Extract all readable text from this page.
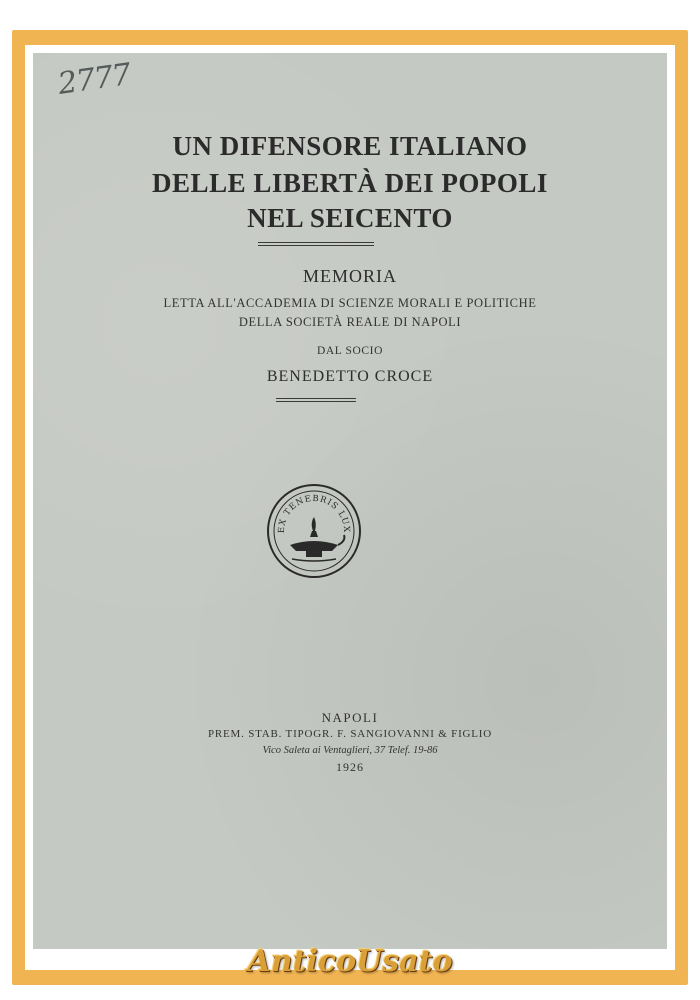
2777
UN DIFENSORE ITALIANO
DELLE LIBERTÀ DEI POPOLI
NEL SEICENTO
MEMORIA
LETTA ALL'ACCADEMIA DI SCIENZE MORALI E POLITICHE
DELLA SOCIETÀ REALE DI NAPOLI
DAL SOCIO
BENEDETTO CROCE
EX TENEBRIS LUX
NAPOLI
PREM. STAB. TIPOGR. F. SANGIOVANNI & FIGLIO
Vico Saleta ai Ventaglieri, 37 Telef. 19-86
1926
AnticoUsato
